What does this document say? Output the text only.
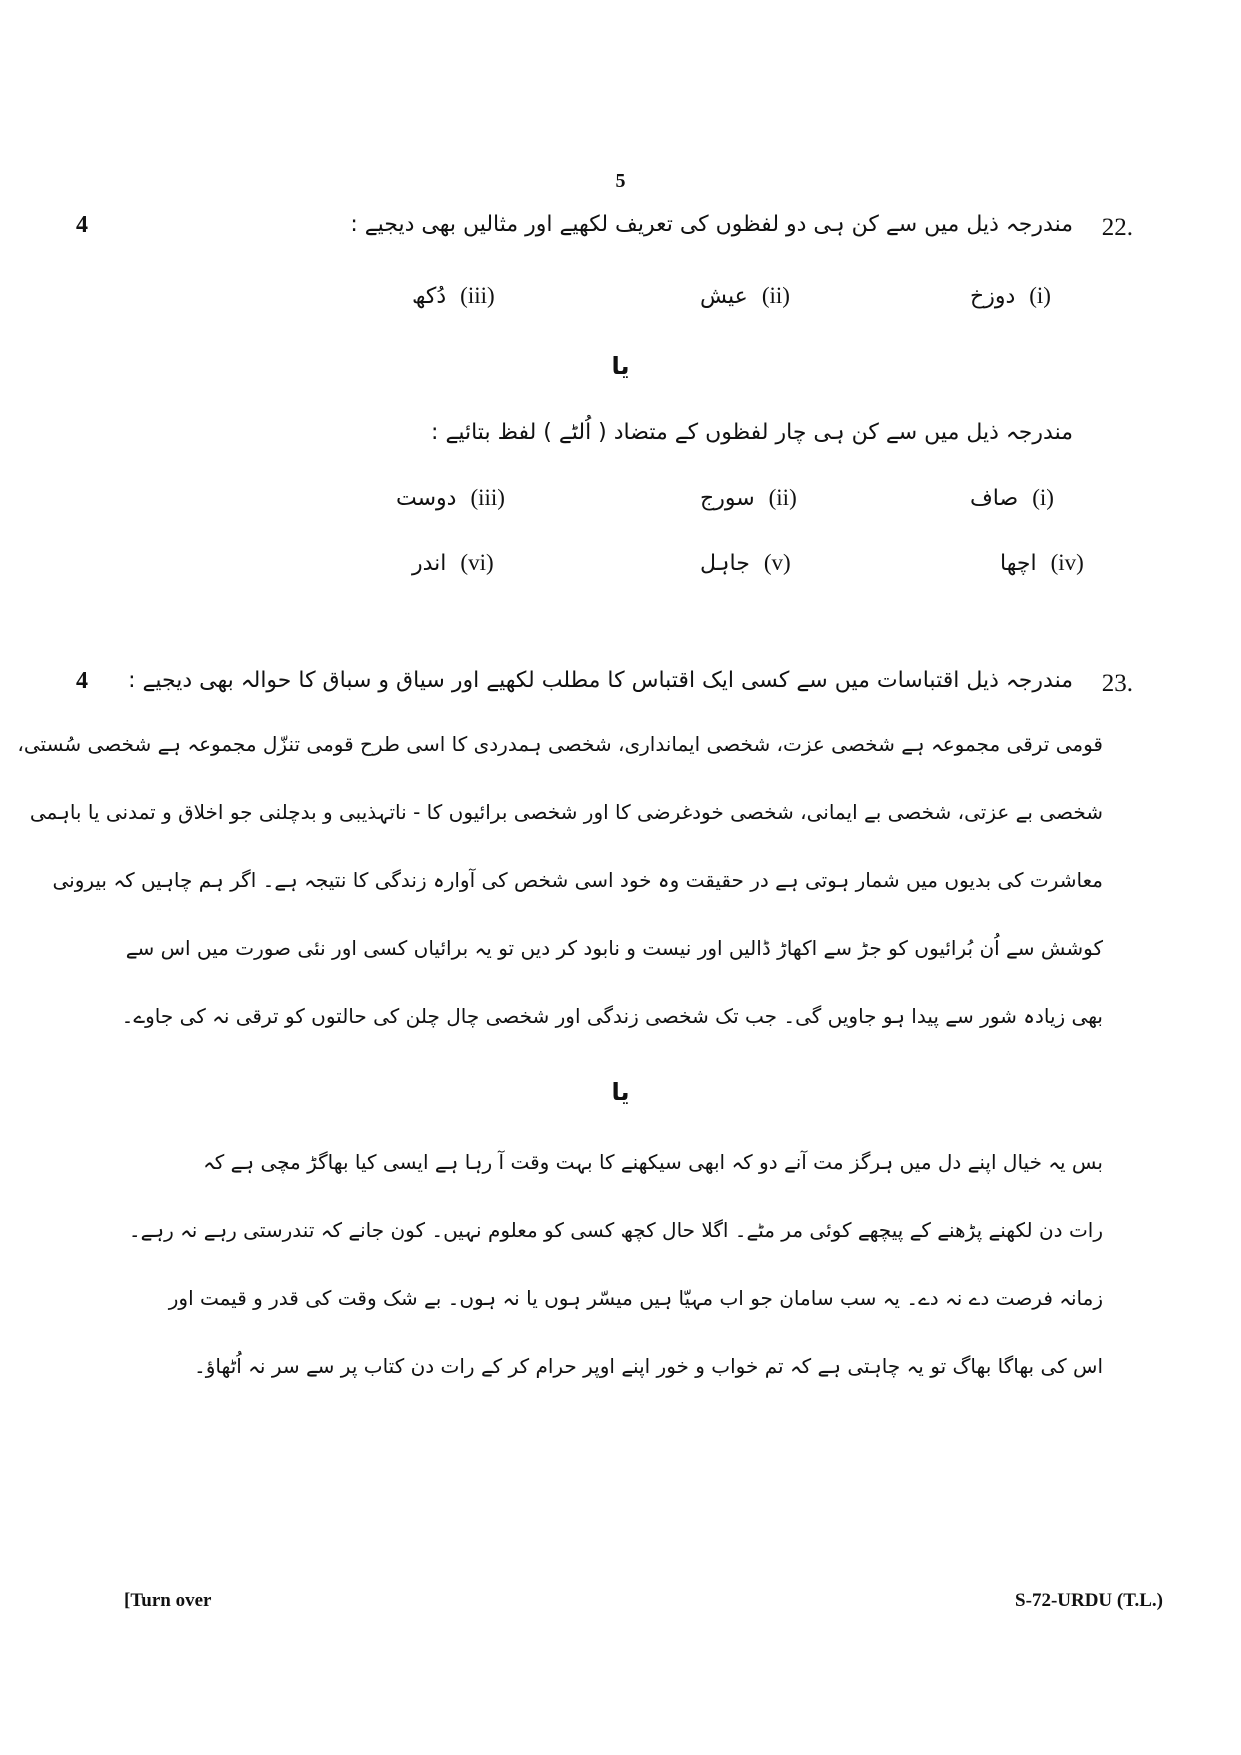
5
4	22.
مندرجہ ذیل میں سے کن ہی دو لفظوں کی تعریف لکھیے اور مثالیں بھی دیجیے :
دوزخ (i)
عیش (ii)
دُکھ (iii)
یا
مندرجہ ذیل میں سے کن ہی چار لفظوں کے متضاد ( اُلٹے ) لفظ بتائیے :
صاف (i)
سورج (ii)
دوست (iii)
اچھا (iv)
جاہل (v)
اندر (vi)
4	23.
مندرجہ ذیل اقتباسات میں سے کسی ایک اقتباس کا مطلب لکھیے اور سیاق و سباق کا حوالہ بھی دیجیے :
قومی ترقی مجموعہ ہے شخصی عزت، شخصی ایمانداری، شخصی ہمدردی کا اسی طرح قومی تنزّل مجموعہ ہے شخصی سُستی،
شخصی بے عزتی، شخصی بے ایمانی، شخصی خودغرضی کا اور شخصی برائیوں کا - ناتہذیبی و بدچلنی جو اخلاق و تمدنی یا باہمی
معاشرت کی بدیوں میں شمار ہوتی ہے در حقیقت وہ خود اسی شخص کی آوارہ زندگی کا نتیجہ ہے۔ اگر ہم چاہیں کہ بیرونی
کوشش سے اُن بُرائیوں کو جڑ سے اکھاڑ ڈالیں اور نیست و نابود کر دیں تو یہ برائیاں کسی اور نئی صورت میں اس سے
بھی زیادہ شور سے پیدا ہو جاویں گی۔ جب تک شخصی زندگی اور شخصی چال چلن کی حالتوں کو ترقی نہ کی جاوے۔
یا
بس یہ خیال اپنے دل میں ہرگز مت آنے دو کہ ابھی سیکھنے کا بہت وقت آ رہا ہے ایسی کیا بھاگڑ مچی ہے کہ
رات دن لکھنے پڑھنے کے پیچھے کوئی مر مٹے۔ اگلا حال کچھ کسی کو معلوم نہیں۔ کون جانے کہ تندرستی رہے نہ رہے۔
زمانہ فرصت دے نہ دے۔ یہ سب سامان جو اب مہیّا ہیں میسّر ہوں یا نہ ہوں۔ بے شک وقت کی قدر و قیمت اور
اس کی بھاگا بھاگ تو یہ چاہتی ہے کہ تم خواب و خور اپنے اوپر حرام کر کے رات دن کتاب پر سے سر نہ اُٹھاؤ۔
[Turn over	S-72-URDU (T.L.)
